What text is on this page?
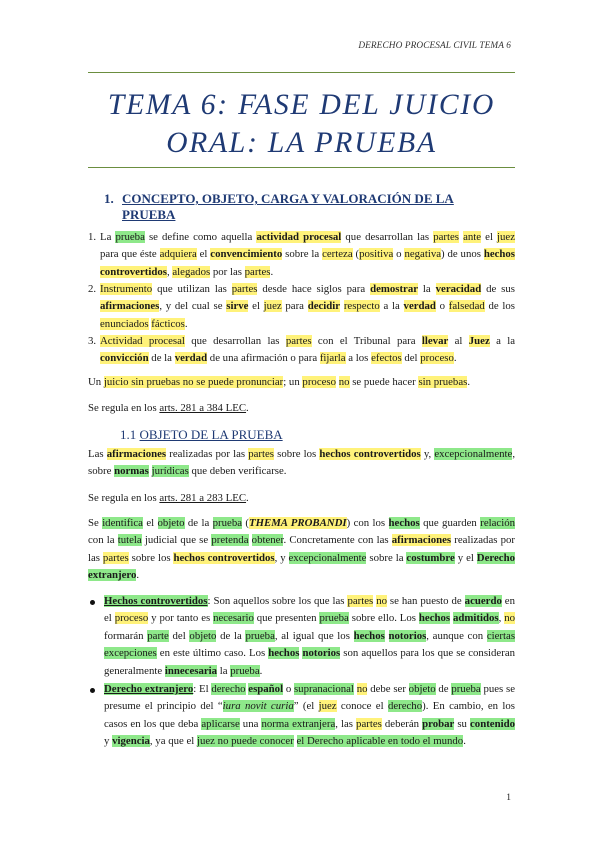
DERECHO PROCESAL CIVIL TEMA 6
TEMA 6: FASE DEL JUICIO
ORAL: LA PRUEBA
1. CONCEPTO, OBJETO, CARGA Y VALORACIÓN DE LA
PRUEBA
1. La prueba se define como aquella actividad procesal que desarrollan las partes ante el juez para que éste adquiera el convencimiento sobre la certeza (positiva o negativa) de unos hechos controvertidos, alegados por las partes.
2. Instrumento que utilizan las partes desde hace siglos para demostrar la veracidad de sus afirmaciones, y del cual se sirve el juez para decidir respecto a la verdad o falsedad de los enunciados fácticos.
3. Actividad procesal que desarrollan las partes con el Tribunal para llevar al Juez a la convicción de la verdad de una afirmación o para fijarla a los efectos del proceso.
Un juicio sin pruebas no se puede pronunciar; un proceso no se puede hacer sin pruebas.
Se regula en los arts. 281 a 384 LEC.
1.1 OBJETO DE LA PRUEBA
Las afirmaciones realizadas por las partes sobre los hechos controvertidos y, excepcionalmente, sobre normas jurídicas que deben verificarse.
Se regula en los arts. 281 a 283 LEC.
Se identifica el objeto de la prueba (THEMA PROBANDI) con los hechos que guarden relación con la tutela judicial que se pretenda obtener. Concretamente con las afirmaciones realizadas por las partes sobre los hechos controvertidos, y excepcionalmente sobre la costumbre y el Derecho extranjero.
Hechos controvertidos: Son aquellos sobre los que las partes no se han puesto de acuerdo en el proceso y por tanto es necesario que presenten prueba sobre ello. Los hechos admitidos, no formarán parte del objeto de la prueba, al igual que los hechos notorios, aunque con ciertas excepciones en este último caso. Los hechos notorios son aquellos para los que se consideran generalmente innecesaria la prueba.
Derecho extranjero: El derecho español o supranacional no debe ser objeto de prueba pues se presume el principio del “iura novit curia” (el juez conoce el derecho). En cambio, en los casos en los que deba aplicarse una norma extranjera, las partes deberán probar su contenido y vigencia, ya que el juez no puede conocer el Derecho aplicable en todo el mundo.
1
